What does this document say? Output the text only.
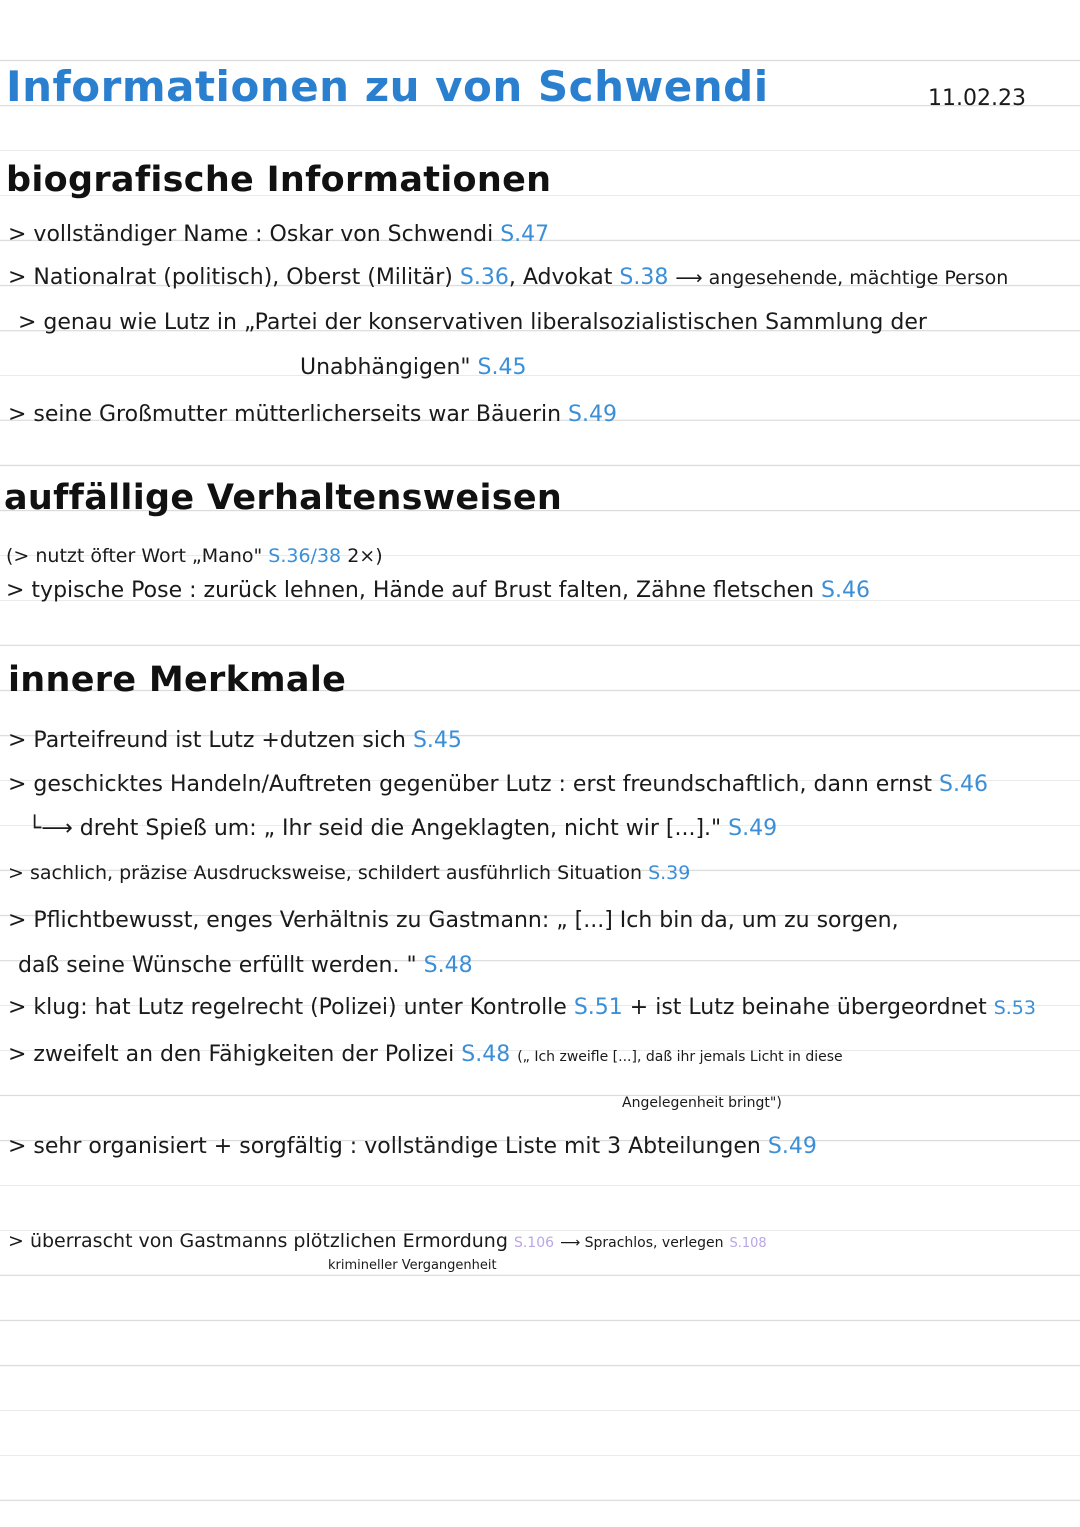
Informationen zu von Schwendi	11.02.23
biografische Informationen
> vollständiger Name : Oskar von Schwendi S.47
> Nationalrat (politisch), Oberst (Militär) S.36, Advokat S.38 ⟶ angesehende, mächtige Person
> genau wie Lutz in „Partei der konservativen liberalsozialistischen Sammlung der
Unabhängigen" S.45
> seine Großmutter mütterlicherseits war Bäuerin S.49
auffällige Verhaltensweisen
(> nutzt öfter Wort „Mano" S.36/38 2×)
> typische Pose : zurück lehnen, Hände auf Brust falten, Zähne fletschen S.46
innere Merkmale
> Parteifreund ist Lutz +dutzen sich S.45
> geschicktes Handeln/Auftreten gegenüber Lutz : erst freundschaftlich, dann ernst S.46
└⟶ dreht Spieß um: „ Ihr seid die Angeklagten, nicht wir [...]." S.49
> sachlich, präzise Ausdrucksweise, schildert ausführlich Situation S.39
> Pflichtbewusst, enges Verhältnis zu Gastmann: „ [...] Ich bin da, um zu sorgen,
daß seine Wünsche erfüllt werden. " S.48
> klug: hat Lutz regelrecht (Polizei) unter Kontrolle S.51 + ist Lutz beinahe übergeordnet S.53
> zweifelt an den Fähigkeiten der Polizei S.48 („ Ich zweifle [...], daß ihr jemals Licht in diese
Angelegenheit bringt")
> sehr organisiert + sorgfältig : vollständige Liste mit 3 Abteilungen S.49
> überrascht von Gastmanns plötzlichen Ermordung S.106 ⟶ Sprachlos, verlegen S.108
krimineller Vergangenheit
